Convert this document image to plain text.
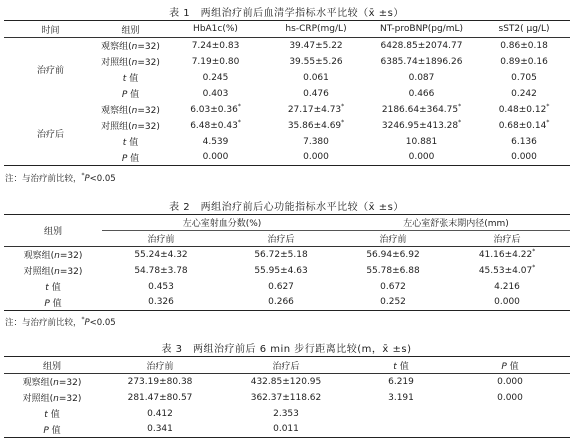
表 1　两组治疗前后血清学指标水平比较（x̄ ±s）
时间	组别	HbA1c(%)	hs-CRP(mg/L)	NT-proBNP(pg/mL)	sST2( μg/L)
治疗前	观察组(n=32)	7.24±0.83	39.47±5.22	6428.85±2074.77	0.86±0.18
	对照组(n=32)	7.19±0.80	39.55±5.26	6385.74±1896.26	0.89±0.16
	t 值	0.245	0.061	0.087	0.705
	P 值	0.403	0.476	0.466	0.242
治疗后	观察组(n=32)	6.03±0.36*	27.17±4.73*	2186.64±364.75*	0.48±0.12*
	对照组(n=32)	6.48±0.43*	35.86±4.69*	3246.95±413.28*	0.68±0.14*
	t 值	4.539	7.380	10.881	6.136
	P 值	0.000	0.000	0.000	0.000
注：与治疗前比较，*P<0.05
表 2　两组治疗前后心功能指标水平比较（x̄ ±s）
组别	左心室射血分数(%)		左心室舒张末期内径(mm)	
	治疗前	治疗后	治疗前	治疗后
观察组(n=32)	55.24±4.32	56.72±5.18	56.94±6.92	41.16±4.22*
对照组(n=32)	54.78±3.78	55.95±4.63	55.78±6.88	45.53±4.07*
t 值	0.453	0.627	0.672	4.216
P 值	0.326	0.266	0.252	0.000
注：与治疗前比较，*P<0.05
表 3　两组治疗前后 6 min 步行距离比较(m，x̄ ±s)
组别	治疗前	治疗后	t 值	P 值
观察组(n=32)	273.19±80.38	432.85±120.95	6.219	0.000
对照组(n=32)	281.47±80.57	362.37±118.62	3.191	0.000
t 值	0.412	2.353		
P 值	0.341	0.011		
